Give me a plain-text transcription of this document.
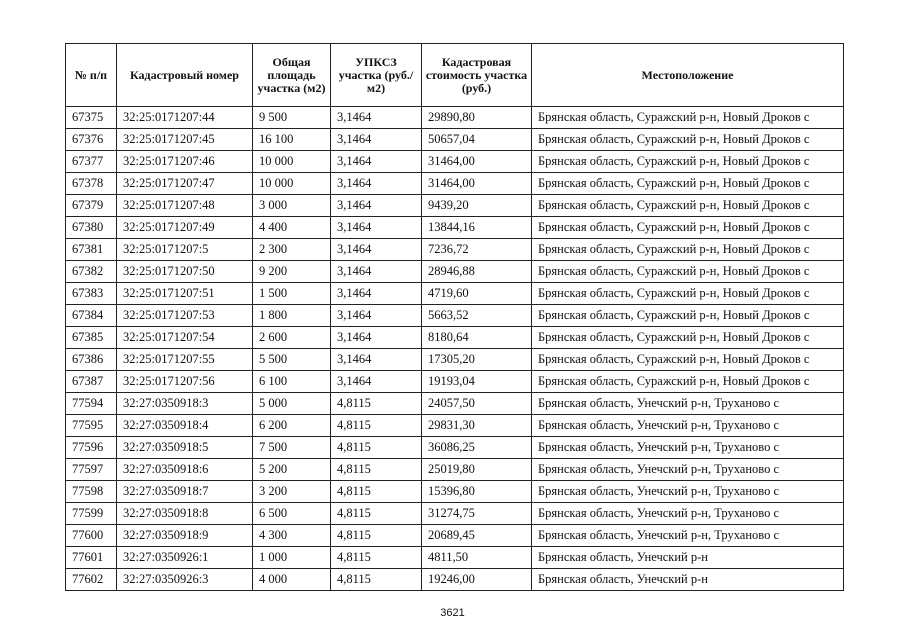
№ п/п	Кадастровый номер	Общая площадь участка (м2)	УПКСЗ участка (руб./м2)	Кадастровая стоимость участка (руб.)	Местоположение
67375	32:25:0171207:44	9 500	3,1464	29890,80	Брянская область, Суражский р-н, Новый Дроков с
67376	32:25:0171207:45	16 100	3,1464	50657,04	Брянская область, Суражский р-н, Новый Дроков с
67377	32:25:0171207:46	10 000	3,1464	31464,00	Брянская область, Суражский р-н, Новый Дроков с
67378	32:25:0171207:47	10 000	3,1464	31464,00	Брянская область, Суражский р-н, Новый Дроков с
67379	32:25:0171207:48	3 000	3,1464	9439,20	Брянская область, Суражский р-н, Новый Дроков с
67380	32:25:0171207:49	4 400	3,1464	13844,16	Брянская область, Суражский р-н, Новый Дроков с
67381	32:25:0171207:5	2 300	3,1464	7236,72	Брянская область, Суражский р-н, Новый Дроков с
67382	32:25:0171207:50	9 200	3,1464	28946,88	Брянская область, Суражский р-н, Новый Дроков с
67383	32:25:0171207:51	1 500	3,1464	4719,60	Брянская область, Суражский р-н, Новый Дроков с
67384	32:25:0171207:53	1 800	3,1464	5663,52	Брянская область, Суражский р-н, Новый Дроков с
67385	32:25:0171207:54	2 600	3,1464	8180,64	Брянская область, Суражский р-н, Новый Дроков с
67386	32:25:0171207:55	5 500	3,1464	17305,20	Брянская область, Суражский р-н, Новый Дроков с
67387	32:25:0171207:56	6 100	3,1464	19193,04	Брянская область, Суражский р-н, Новый Дроков с
77594	32:27:0350918:3	5 000	4,8115	24057,50	Брянская область, Унечский р-н, Труханово с
77595	32:27:0350918:4	6 200	4,8115	29831,30	Брянская область, Унечский р-н, Труханово с
77596	32:27:0350918:5	7 500	4,8115	36086,25	Брянская область, Унечский р-н, Труханово с
77597	32:27:0350918:6	5 200	4,8115	25019,80	Брянская область, Унечский р-н, Труханово с
77598	32:27:0350918:7	3 200	4,8115	15396,80	Брянская область, Унечский р-н, Труханово с
77599	32:27:0350918:8	6 500	4,8115	31274,75	Брянская область, Унечский р-н, Труханово с
77600	32:27:0350918:9	4 300	4,8115	20689,45	Брянская область, Унечский р-н, Труханово с
77601	32:27:0350926:1	1 000	4,8115	4811,50	Брянская область, Унечский р-н
77602	32:27:0350926:3	4 000	4,8115	19246,00	Брянская область, Унечский р-н
3621
